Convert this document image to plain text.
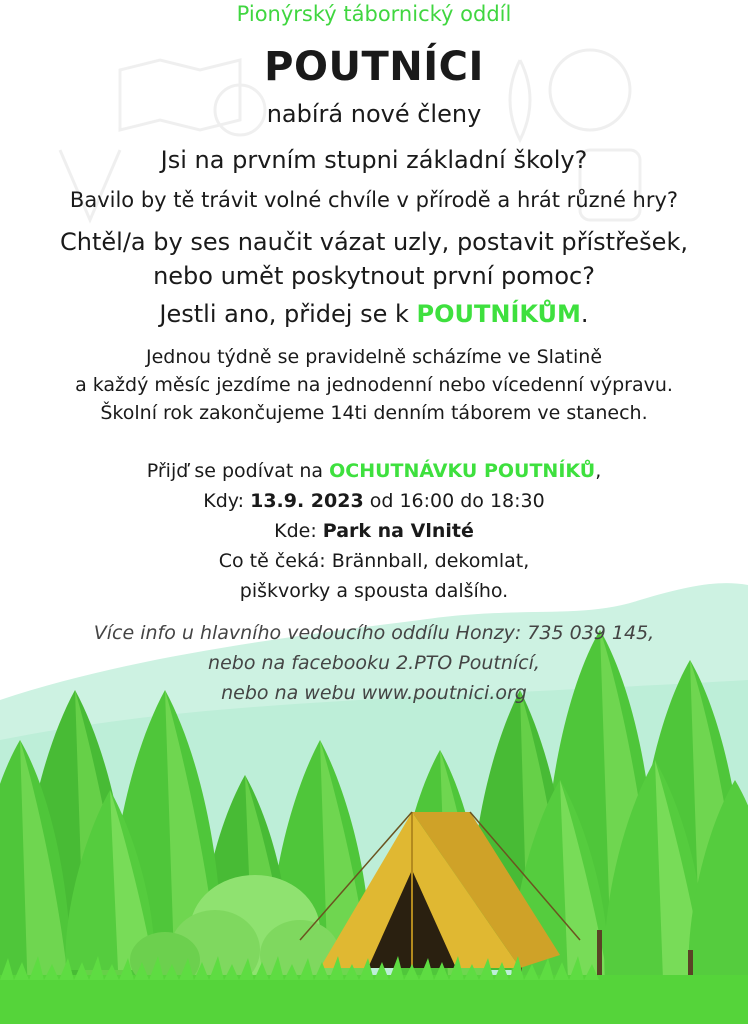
Pionýrský tábornický oddíl
POUTNÍCI
nabírá nové členy
Jsi na prvním stupni základní školy?
Bavilo by tě trávit volné chvíle v přírodě a hrát různé hry?
Chtěl/a by ses naučit vázat uzly, postavit přístřešek,
nebo umět poskytnout první pomoc?
Jestli ano, přidej se k POUTNÍKŮM.
Jednou týdně se pravidelně scházíme ve Slatině
a každý měsíc jezdíme na jednodenní nebo vícedenní výpravu.
Školní rok zakončujeme 14ti denním táborem ve stanech.
Přijď se podívat na OCHUTNÁVKU POUTNÍKŮ,
Kdy: 13.9. 2023 od 16:00 do 18:30
Kde: Park na Vlnité
Co tě čeká: Brännball, dekomlat,
piškvorky a spousta dalšího.
Více info u hlavního vedoucího oddílu Honzy: 735 039 145,
nebo na facebooku 2.PTO Poutnící,
nebo na webu www.poutnici.org
